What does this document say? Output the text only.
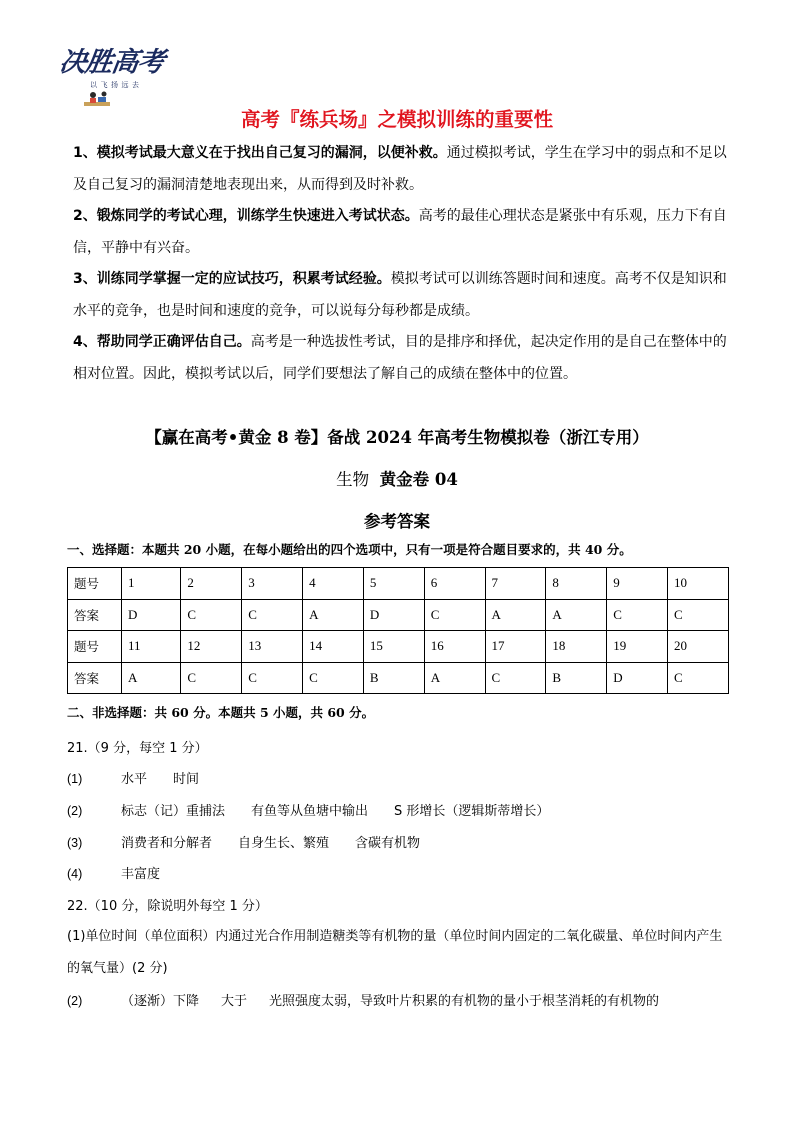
决胜高考
以 飞 扬 远 去
高考『练兵场』之模拟训练的重要性
1、模拟考试最大意义在于找出自己复习的漏洞，以便补救。通过模拟考试，学生在学习中的弱点和不足以及自己复习的漏洞清楚地表现出来，从而得到及时补救。
2、锻炼同学的考试心理，训练学生快速进入考试状态。高考的最佳心理状态是紧张中有乐观，压力下有自信，平静中有兴奋。
3、训练同学掌握一定的应试技巧，积累考试经验。模拟考试可以训练答题时间和速度。高考不仅是知识和水平的竞争，也是时间和速度的竞争，可以说每分每秒都是成绩。
4、帮助同学正确评估自己。高考是一种选拔性考试，目的是排序和择优，起决定作用的是自己在整体中的相对位置。因此，模拟考试以后，同学们要想法了解自己的成绩在整体中的位置。
【赢在高考•黄金 8 卷】备战 2024 年高考生物模拟卷（浙江专用）
生物 黄金卷 04
参考答案
一、选择题：本题共 20 小题，在每小题给出的四个选项中，只有一项是符合题目要求的，共 40 分。
题号	1	2	3	4	5	6	7	8	9	10
答案	D	C	C	A	D	C	A	A	C	C
题号	11	12	13	14	15	16	17	18	19	20
答案	A	C	C	C	B	A	C	B	D	C
二、非选择题：共 60 分。本题共 5 小题，共 60 分。
21.（9 分，每空 1 分）
(1)	水平 时间
(2)	标志（记）重捕法 有鱼等从鱼塘中输出 S 形增长（逻辑斯蒂增长）
(3)	消费者和分解者 自身生长、繁殖 含碳有机物
(4)	丰富度
22.（10 分，除说明外每空 1 分）
(1)单位时间（单位面积）内通过光合作用制造糖类等有机物的量（单位时间内固定的二氧化碳量、单位时间内产生的氧气量）(2 分)
(2)	（逐渐）下降 大于 光照强度太弱，导致叶片积累的有机物的量小于根茎消耗的有机物的
